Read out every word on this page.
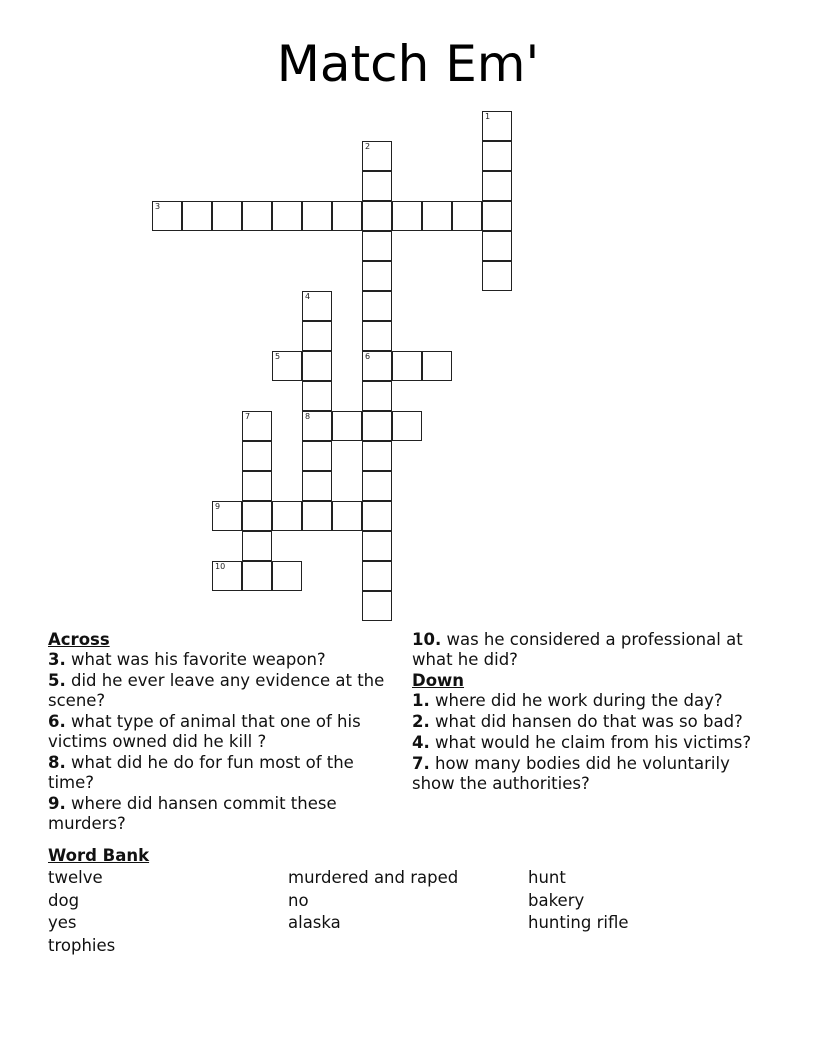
Match Em'
1
2
6
3
4
8
5
7
9
10

Across

3. what was his favorite weapon?

5. did he ever leave any evidence at the scene?

6. what type of animal that one of his victims owned did he kill ?

8. what did he do for fun most of the time?

9. where did hansen commit these murders?

10. was he considered a professional at what he did?

Down

1. where did he work during the day?

2. what did hansen do that was so bad?

4. what would he claim from his victims?

7. how many bodies did he voluntarily show the authorities?

Word Bank
twelve	murdered and raped	hunt
dog	no	bakery
yes	alaska	hunting rifle
trophies
